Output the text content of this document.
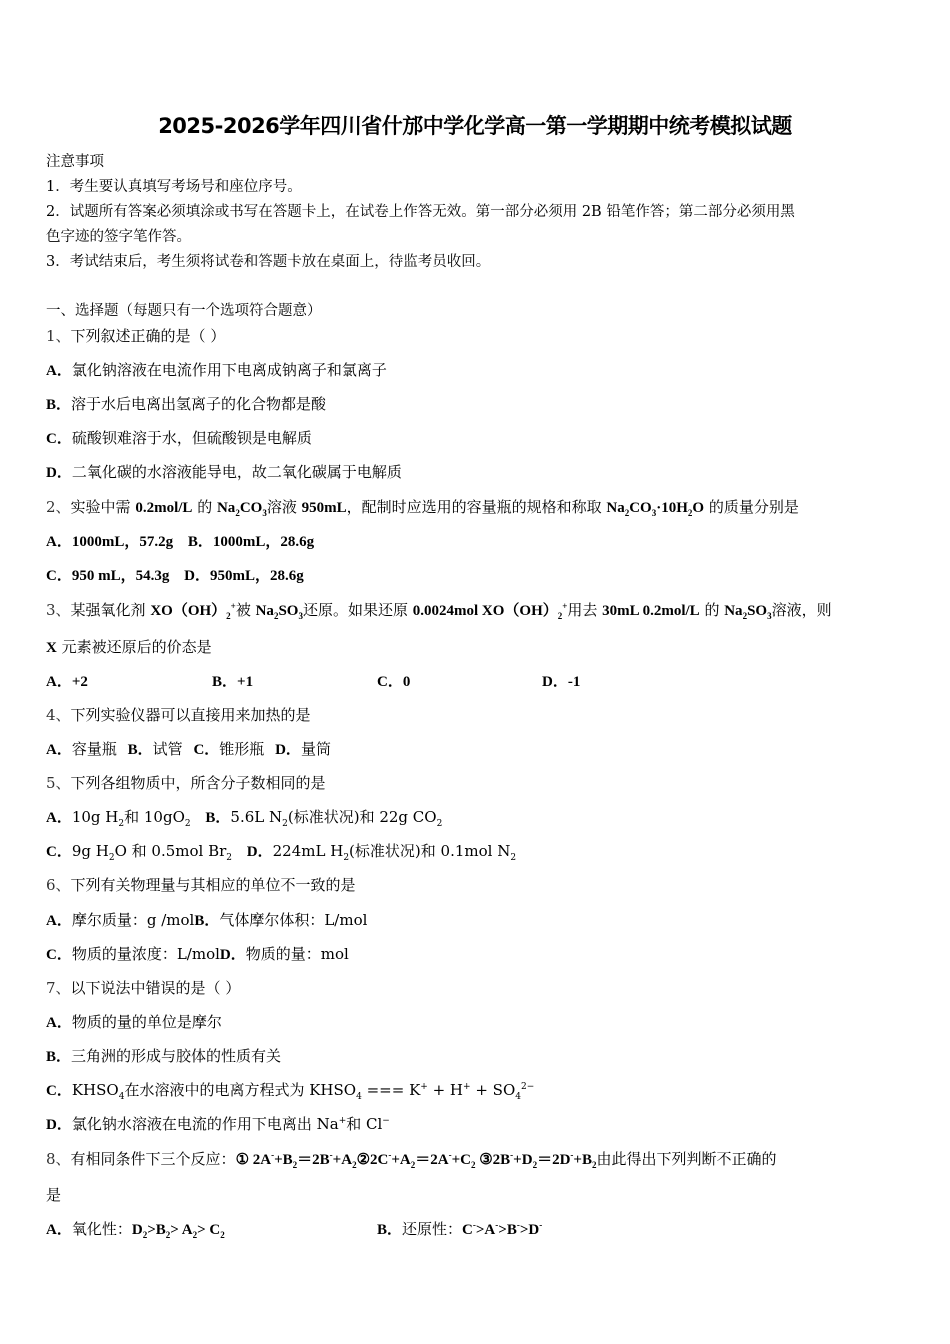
2025-2026学年四川省什邡中学化学高一第一学期期中统考模拟试题
注意事项
1．考生要认真填写考场号和座位序号。
2．试题所有答案必须填涂或书写在答题卡上，在试卷上作答无效。第一部分必须用 2B 铅笔作答；第二部分必须用黑
色字迹的签字笔作答。
3．考试结束后，考生须将试卷和答题卡放在桌面上，待监考员收回。
一、选择题（每题只有一个选项符合题意）
1、下列叙述正确的是（ ）
A．氯化钠溶液在电流作用下电离成钠离子和氯离子
B．溶于水后电离出氢离子的化合物都是酸
C．硫酸钡难溶于水，但硫酸钡是电解质
D．二氧化碳的水溶液能导电，故二氧化碳属于电解质
2、实验中需 0.2mol/L 的 $Na_2CO_3$溶液 950mL，配制时应选用的容量瓶的规格和称取 $Na_2CO_3\cdot 10H_2O$ 的质量分别是
A．1000mL，57.2g B．1000mL，28.6g
C．950 mL，54.3g D．950mL，28.6g
3、某强氧化剂 $XO(OH)_2^+$被 $Na_2SO_3$还原。如果还原 0.0024mol $XO(OH)_2^+$用去 30mL 0.2mol/L 的 $Na_2SO_3$溶液，则
X 元素被还原后的价态是
A．+2	B．+1	C．0	D．-1
4、下列实验仪器可以直接用来加热的是
A．容量瓶 B．试管 C．锥形瓶 D．量筒
5、下列各组物质中，所含分子数相同的是
A．10g $H_2$和 $10gO_2$ B．5.6L $N_2$(标准状况)和 22g $CO_2$
C．9g $H_2O$ 和 0.5mol $Br_2$ D．224mL $H_2$(标准状况)和 0.1mol $N_2$
6、下列有关物理量与其相应的单位不一致的是
A．摩尔质量：g /molB．气体摩尔体积：L/mol
C．物质的量浓度：L/molD．物质的量：mol
7、以下说法中错误的是（ ）
A．物质的量的单位是摩尔
B．三角洲的形成与胶体的性质有关
C．$KHSO_4$在水溶液中的电离方程式为 $KHSO_4$ === $K^+ + H^+ + SO_4^{2-}$
D．氯化钠水溶液在电流的作用下电离出 Na+和 Cl−
8、有相同条件下三个反应：① $2A^-+B_2=2B^-+A_2②2C^-+A_2=2A^-+C_2$ $③2B^-+D_2=2D^-+B_2$由此得出下列判断不正确的
是
A．氧化性：$D_2>B_2> A_2> C_2$	B．还原性：C->A->B->D-
